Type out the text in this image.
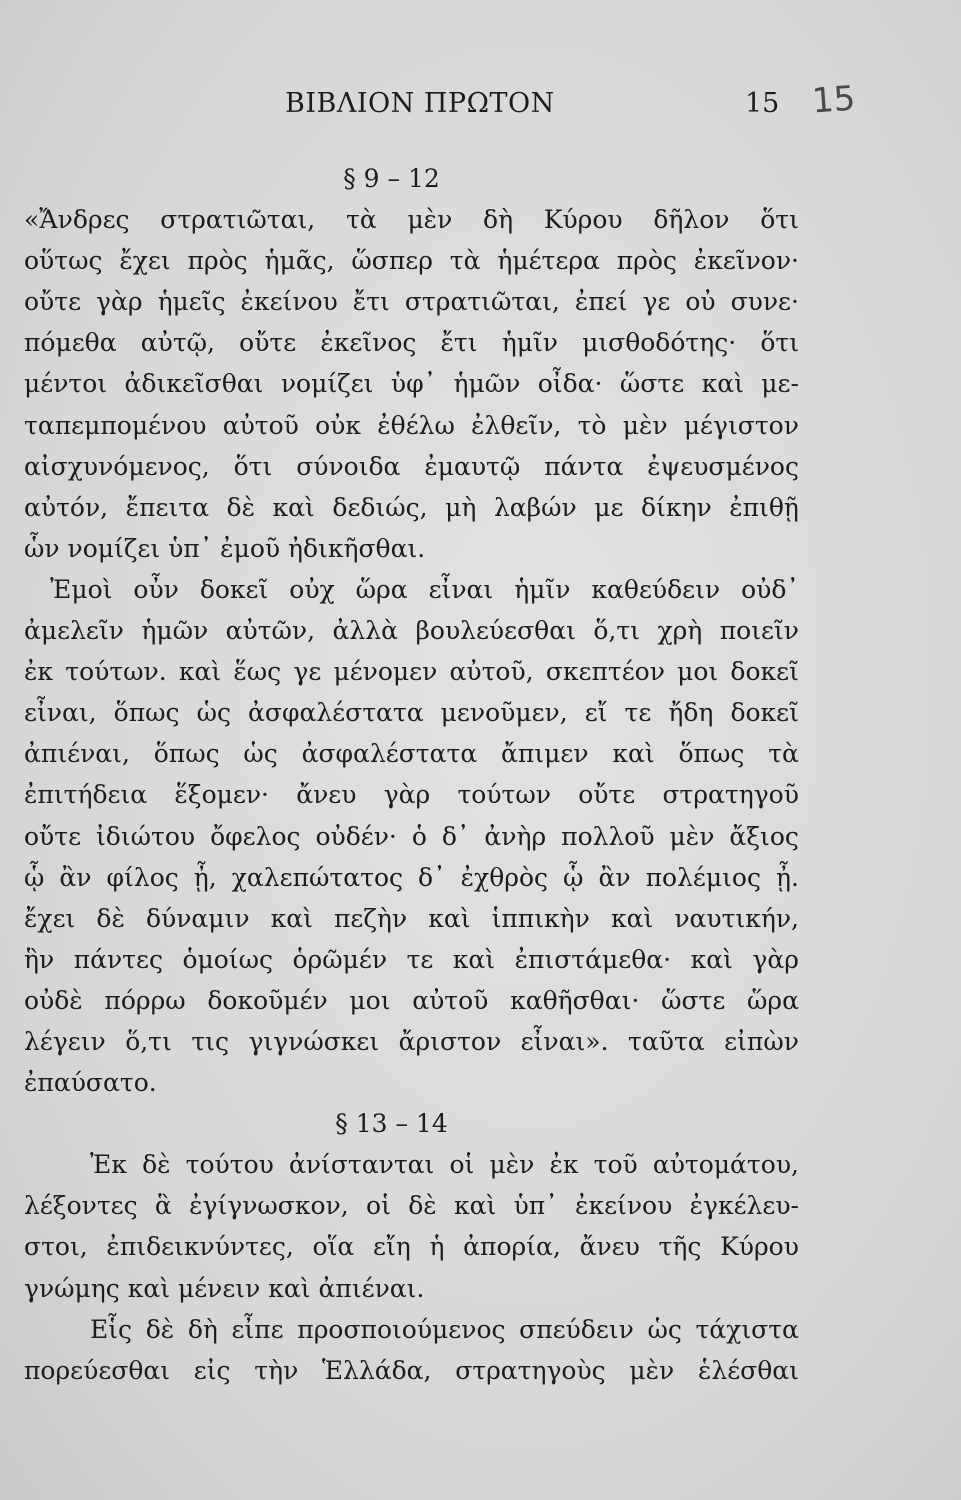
ΒΙΒΛΙΟΝ ΠΡΩΤΟΝ	15 15
§ 9 – 12
«Ἄνδρες στρατιῶται, τὰ μὲν δὴ Κύρου δῆλον ὅτι
οὕτως ἔχει πρὸς ἡμᾶς, ὥσπερ τὰ ἡμέτερα πρὸς ἐκεῖνον·
οὔτε γὰρ ἡμεῖς ἐκείνου ἔτι στρατιῶται, ἐπεί γε οὐ συνε·
πόμεθα αὐτῷ, οὔτε ἐκεῖνος ἔτι ἡμῖν μισθοδότης· ὅτι
μέντοι ἀδικεῖσθαι νομίζει ὑφ᾽ ἡμῶν οἶδα· ὥστε καὶ με-
ταπεμπομένου αὐτοῦ οὐκ ἐθέλω ἐλθεῖν, τὸ μὲν μέγιστον
αἰσχυνόμενος, ὅτι σύνοιδα ἐμαυτῷ πάντα ἐψευσμένος
αὐτόν, ἔπειτα δὲ καὶ δεδιώς, μὴ λαβών με δίκην ἐπιθῇ
ὧν νομίζει ὑπ᾽ ἐμοῦ ἠδικῆσθαι.
Ἐμοὶ οὖν δοκεῖ οὐχ ὥρα εἶναι ἡμῖν καθεύδειν οὐδ᾽
ἀμελεῖν ἡμῶν αὐτῶν, ἀλλὰ βουλεύεσθαι ὅ,τι χρὴ ποιεῖν
ἐκ τούτων. καὶ ἕως γε μένομεν αὐτοῦ, σκεπτέον μοι δοκεῖ
εἶναι, ὅπως ὡς ἀσφαλέστατα μενοῦμεν, εἴ τε ἤδη δοκεῖ
ἀπιέναι, ὅπως ὡς ἀσφαλέστατα ἄπιμεν καὶ ὅπως τὰ
ἐπιτήδεια ἕξομεν· ἄνευ γὰρ τούτων οὔτε στρατηγοῦ
οὔτε ἰδιώτου ὄφελος οὐδέν· ὁ δ᾽ ἀνὴρ πολλοῦ μὲν ἄξιος
ᾧ ἂν φίλος ᾖ, χαλεπώτατος δ᾽ ἐχθρὸς ᾧ ἂν πολέμιος ᾖ.
ἔχει δὲ δύναμιν καὶ πεζὴν καὶ ἱππικὴν καὶ ναυτικήν,
ἣν πάντες ὁμοίως ὁρῶμέν τε καὶ ἐπιστάμεθα· καὶ γὰρ
οὐδὲ πόρρω δοκοῦμέν μοι αὐτοῦ καθῆσθαι· ὥστε ὥρα
λέγειν ὅ,τι τις γιγνώσκει ἄριστον εἶναι». ταῦτα εἰπὼν
ἐπαύσατο.
§ 13 – 14
Ἐκ δὲ τούτου ἀνίστανται οἱ μὲν ἐκ τοῦ αὐτομάτου,
λέξοντες ἃ ἐγίγνωσκον, οἱ δὲ καὶ ὑπ᾽ ἐκείνου ἐγκέλευ-
στοι, ἐπιδεικνύντες, οἵα εἴη ἡ ἀπορία, ἄνευ τῆς Κύρου
γνώμης καὶ μένειν καὶ ἀπιέναι.
Εἷς δὲ δὴ εἶπε προσποιούμενος σπεύδειν ὡς τάχιστα
πορεύεσθαι εἰς τὴν Ἑλλάδα, στρατηγοὺς μὲν ἑλέσθαι
